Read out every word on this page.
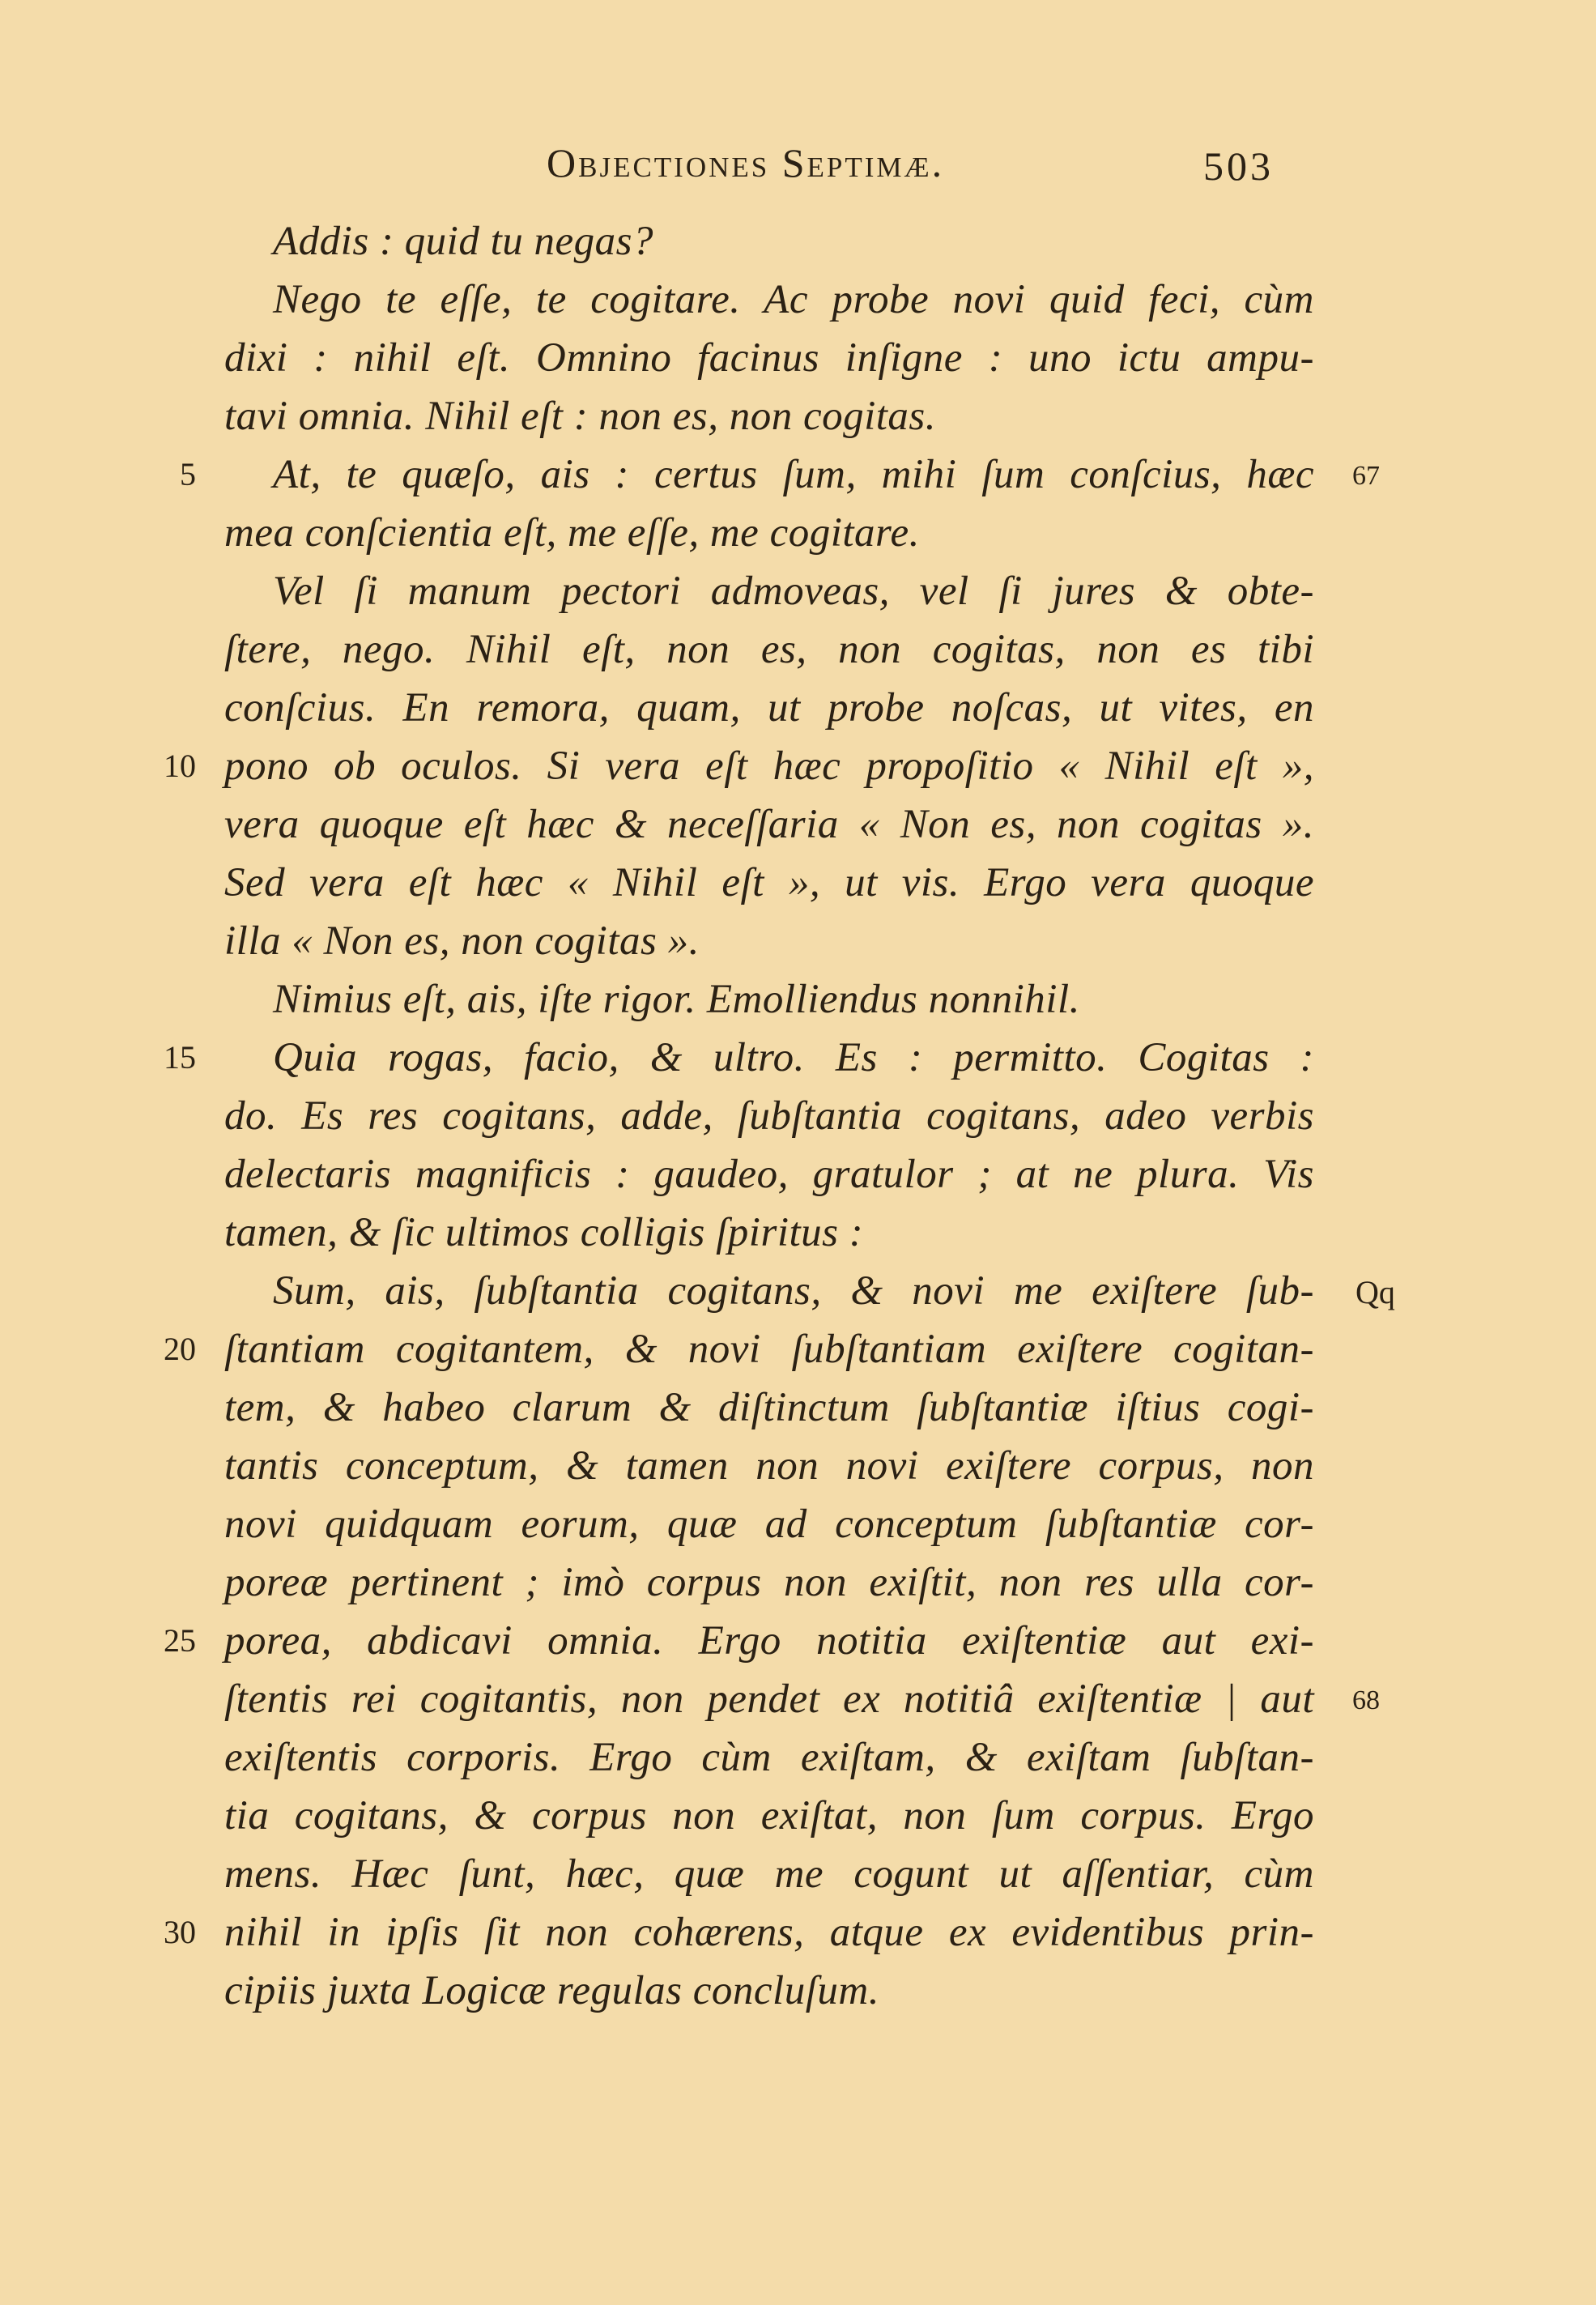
Objectiones Septimæ.	503
Addis : quid tu negas?
Nego te eſſe, te cogitare. Ac probe novi quid feci, cùm
dixi : nihil eſt. Omnino facinus inſigne : uno ictu ampu-
tavi omnia. Nihil eſt : non es, non cogitas.
At, te quæſo, ais : certus ſum, mihi ſum conſcius, hæc
mea conſcientia eſt, me eſſe, me cogitare.
Vel ſi manum pectori admoveas, vel ſi jures & obte-
ſtere, nego. Nihil eſt, non es, non cogitas, non es tibi
conſcius. En remora, quam, ut probe noſcas, ut vites, en
pono ob oculos. Si vera eſt hæc propoſitio « Nihil eſt »,
vera quoque eſt hæc & neceſſaria « Non es, non cogitas ».
Sed vera eſt hæc « Nihil eſt », ut vis. Ergo vera quoque
illa « Non es, non cogitas ».
Nimius eſt, ais, iſte rigor. Emolliendus nonnihil.
Quia rogas, facio, & ultro. Es : permitto. Cogitas :
do. Es res cogitans, adde, ſubſtantia cogitans, adeo verbis
delectaris magnificis : gaudeo, gratulor ; at ne plura. Vis
tamen, & ſic ultimos colligis ſpiritus :
Sum, ais, ſubſtantia cogitans, & novi me exiſtere ſub-
ſtantiam cogitantem, & novi ſubſtantiam exiſtere cogitan-
tem, & habeo clarum & diſtinctum ſubſtantiæ iſtius cogi-
tantis conceptum, & tamen non novi exiſtere corpus, non
novi quidquam eorum, quæ ad conceptum ſubſtantiæ cor-
poreæ pertinent ; imò corpus non exiſtit, non res ulla cor-
porea, abdicavi omnia. Ergo notitia exiſtentiæ aut exi-
ſtentis rei cogitantis, non pendet ex notitiâ exiſtentiæ | aut
exiſtentis corporis. Ergo cùm exiſtam, & exiſtam ſubſtan-
tia cogitans, & corpus non exiſtat, non ſum corpus. Ergo
mens. Hæc ſunt, hæc, quæ me cogunt ut aſſentiar, cùm
nihil in ipſis ſit non cohærens, atque ex evidentibus prin-
cipiis juxta Logicæ regulas concluſum.
5
10
15
20
25
30
67
Qq
68
